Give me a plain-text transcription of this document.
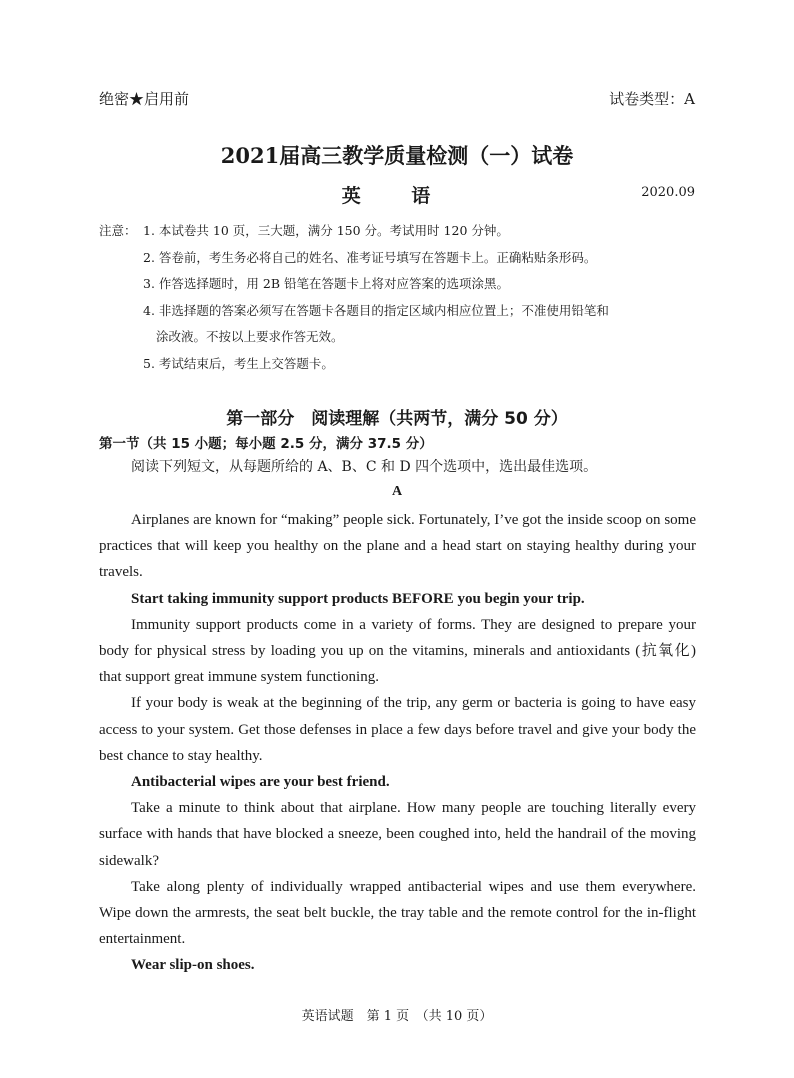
绝密★启用前	试卷类型：A
2021届高三教学质量检测（一）试卷
英 语	2020.09
注意： 1. 本试卷共 10 页，三大题，满分 150 分。考试用时 120 分钟。
2. 答卷前，考生务必将自己的姓名、准考证号填写在答题卡上。正确粘贴条形码。
3. 作答选择题时，用 2B 铅笔在答题卡上将对应答案的选项涂黑。
4. 非选择题的答案必须写在答题卡各题目的指定区域内相应位置上；不准使用铅笔和
涂改液。不按以上要求作答无效。
5. 考试结束后，考生上交答题卡。
第一部分　阅读理解（共两节，满分 50 分）
第一节（共 15 小题；每小题 2.5 分，满分 37.5 分）
阅读下列短文，从每题所给的 A、B、C 和 D 四个选项中，选出最佳选项。
A

Airplanes are known for “making” people sick. Fortunately, I’ve got the inside scoop on some practices that will keep you healthy on the plane and a head start on staying healthy during your travels.

Start taking immunity support products BEFORE you begin your trip.

Immunity support products come in a variety of forms. They are designed to prepare your body for physical stress by loading you up on the vitamins, minerals and antioxidants (抗氧化) that support great immune system functioning.

If your body is weak at the beginning of the trip, any germ or bacteria is going to have easy access to your system. Get those defenses in place a few days before travel and give your body the best chance to stay healthy.

Antibacterial wipes are your best friend.

Take a minute to think about that airplane. How many people are touching literally every surface with hands that have blocked a sneeze, been coughed into, held the handrail of the moving sidewalk?

Take along plenty of individually wrapped antibacterial wipes and use them everywhere. Wipe down the armrests, the seat belt buckle, the tray table and the remote control for the in-flight entertainment.

Wear slip-on shoes.

英语试题　第 1 页　（共 10 页）
